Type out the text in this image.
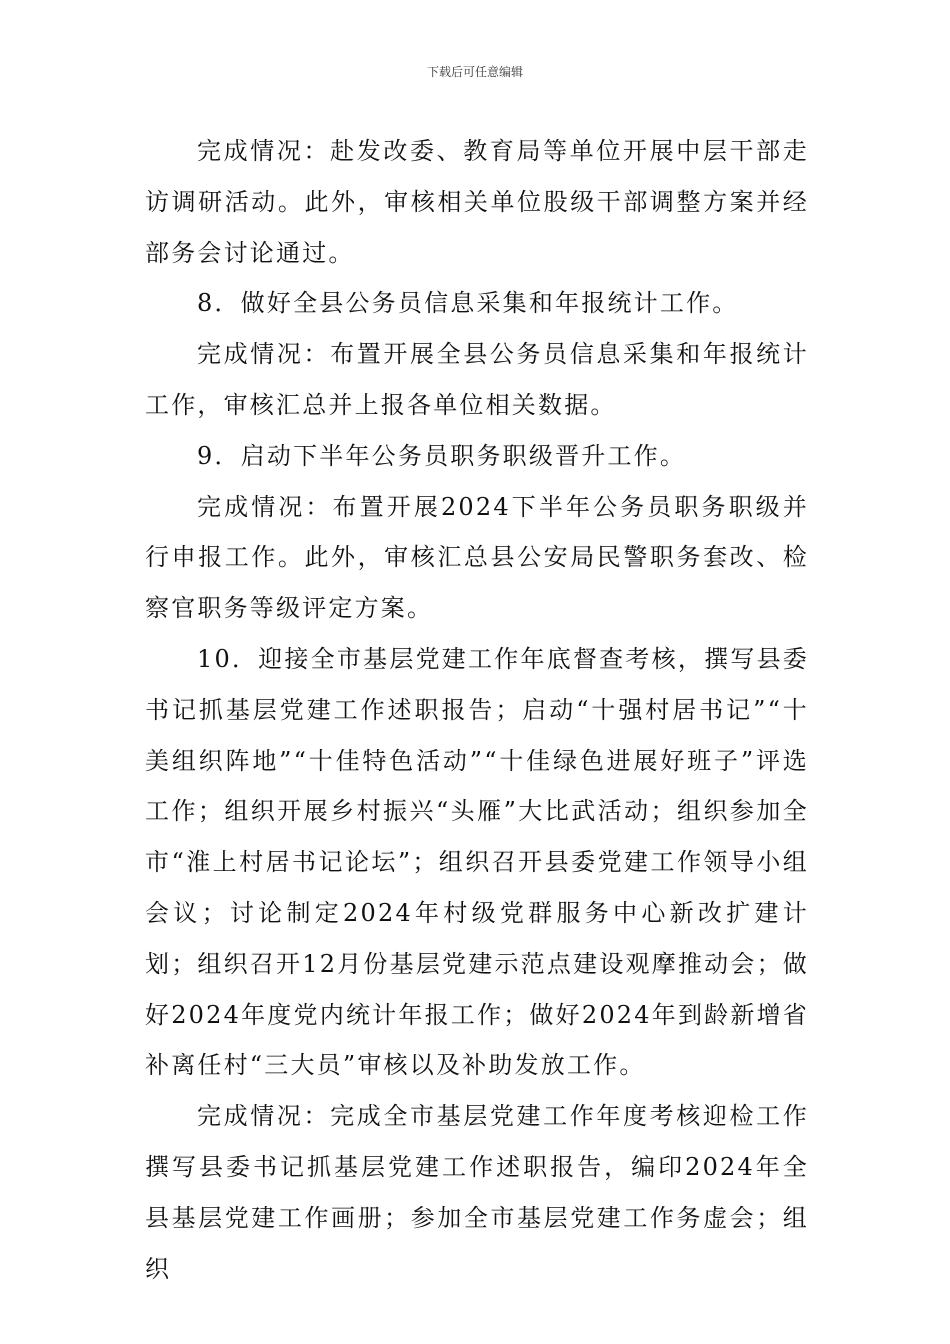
下载后可任意编辑

完成情况：赴发改委、教育局等单位开展中层干部走访调研活动。此外，审核相关单位股级干部调整方案并经部务会讨论通过。

8．做好全县公务员信息采集和年报统计工作。

完成情况：布置开展全县公务员信息采集和年报统计工作，审核汇总并上报各单位相关数据。

9．启动下半年公务员职务职级晋升工作。

完成情况：布置开展2024下半年公务员职务职级并行申报工作。此外，审核汇总县公安局民警职务套改、检察官职务等级评定方案。

10．迎接全市基层党建工作年底督查考核，撰写县委书记抓基层党建工作述职报告；启动“十强村居书记”“十美组织阵地”“十佳特色活动”“十佳绿色进展好班子”评选工作；组织开展乡村振兴“头雁”大比武活动；组织参加全市“淮上村居书记论坛”；组织召开县委党建工作领导小组会议；讨论制定2024年村级党群服务中心新改扩建计划；组织召开12月份基层党建示范点建设观摩推动会；做好2024年度党内统计年报工作；做好2024年到龄新增省补离任村“三大员”审核以及补助发放工作。

完成情况：完成全市基层党建工作年度考核迎检工作撰写县委书记抓基层党建工作述职报告，编印2024年全县基层党建工作画册；参加全市基层党建工作务虚会；组织
